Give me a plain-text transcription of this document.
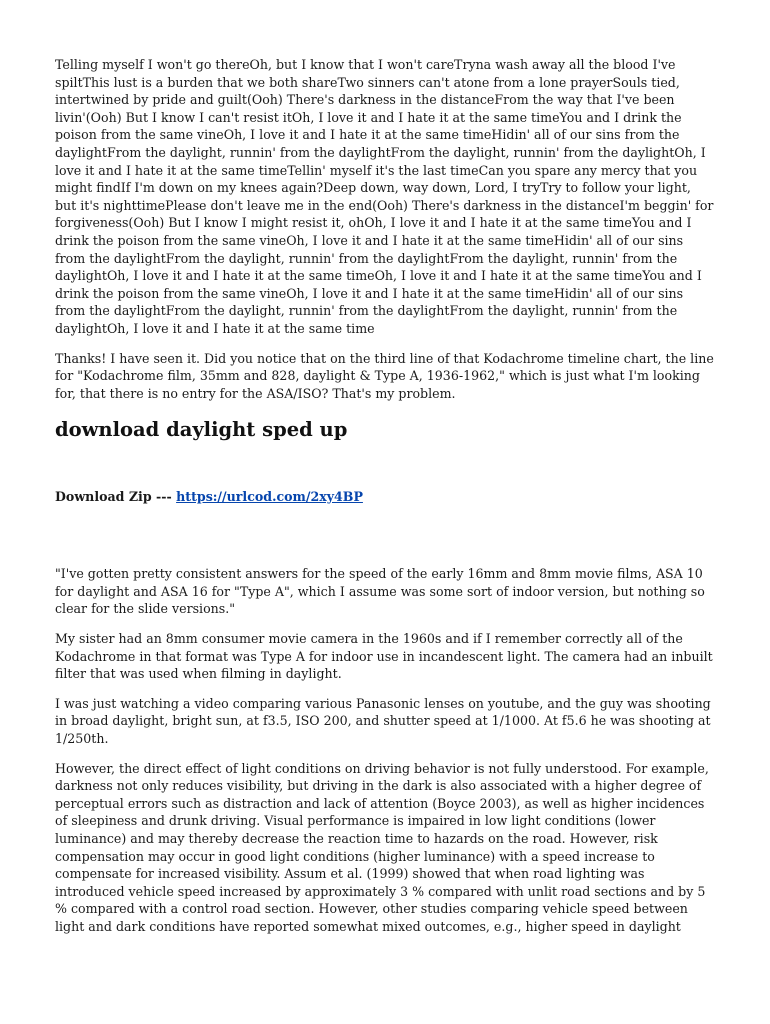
Telling myself I won't go thereOh, but I know that I won't careTryna wash away all the blood I've spiltThis lust is a burden that we both shareTwo sinners can't atone from a lone prayerSouls tied, intertwined by pride and guilt(Ooh) There's darkness in the distanceFrom the way that I've been livin'(Ooh) But I know I can't resist itOh, I love it and I hate it at the same timeYou and I drink the poison from the same vineOh, I love it and I hate it at the same timeHidin' all of our sins from the daylightFrom the daylight, runnin' from the daylightFrom the daylight, runnin' from the daylightOh, I love it and I hate it at the same timeTellin' myself it's the last timeCan you spare any mercy that you might findIf I'm down on my knees again?Deep down, way down, Lord, I tryTry to follow your light, but it's nighttimePlease don't leave me in the end(Ooh) There's darkness in the distanceI'm beggin' for forgiveness(Ooh) But I know I might resist it, ohOh, I love it and I hate it at the same timeYou and I drink the poison from the same vineOh, I love it and I hate it at the same timeHidin' all of our sins from the daylightFrom the daylight, runnin' from the daylightFrom the daylight, runnin' from the daylightOh, I love it and I hate it at the same timeOh, I love it and I hate it at the same timeYou and I drink the poison from the same vineOh, I love it and I hate it at the same timeHidin' all of our sins from the daylightFrom the daylight, runnin' from the daylightFrom the daylight, runnin' from the daylightOh, I love it and I hate it at the same time

Thanks! I have seen it. Did you notice that on the third line of that Kodachrome timeline chart, the line for "Kodachrome film, 35mm and 828, daylight & Type A, 1936-1962," which is just what I'm looking for, that there is no entry for the ASA/ISO? That's my problem.

download daylight sped up
Download Zip --- https://urlcod.com/2xy4BP

"I've gotten pretty consistent answers for the speed of the early 16mm and 8mm movie films, ASA 10 for daylight and ASA 16 for "Type A", which I assume was some sort of indoor version, but nothing so clear for the slide versions."

My sister had an 8mm consumer movie camera in the 1960s and if I remember correctly all of the Kodachrome in that format was Type A for indoor use in incandescent light. The camera had an inbuilt filter that was used when filming in daylight.

I was just watching a video comparing various Panasonic lenses on youtube, and the guy was shooting in broad daylight, bright sun, at f3.5, ISO 200, and shutter speed at 1/1000. At f5.6 he was shooting at 1/250th.

However, the direct effect of light conditions on driving behavior is not fully understood. For example, darkness not only reduces visibility, but driving in the dark is also associated with a higher degree of perceptual errors such as distraction and lack of attention (Boyce 2003), as well as higher incidences of sleepiness and drunk driving. Visual performance is impaired in low light conditions (lower luminance) and may thereby decrease the reaction time to hazards on the road. However, risk compensation may occur in good light conditions (higher luminance) with a speed increase to compensate for increased visibility. Assum et al. (1999) showed that when road lighting was introduced vehicle speed increased by approximately 3 % compared with unlit road sections and by 5 % compared with a control road section. However, other studies comparing vehicle speed between light and dark conditions have reported somewhat mixed outcomes, e.g., higher speed in daylight
